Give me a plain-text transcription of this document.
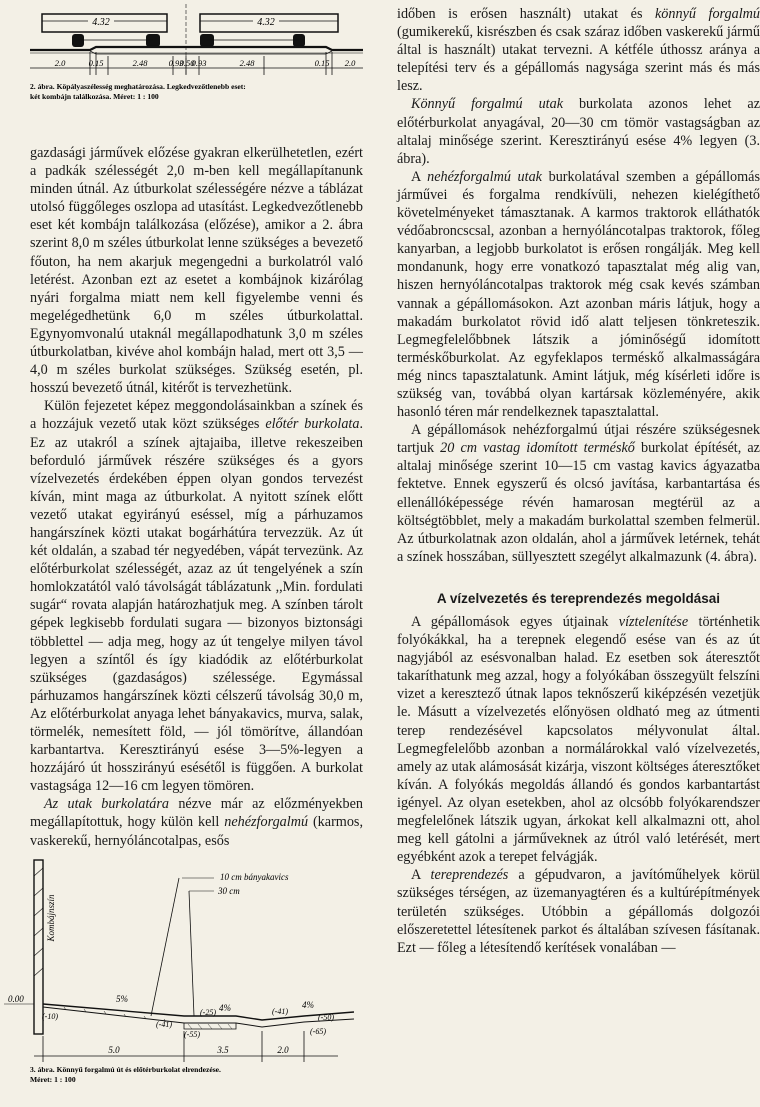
4.32	4.32
2.0	0.15	2.48 0.93
0.50
0.93	2.48	0.15 2.0
2. ábra. Köpályaszélesség meghatározása. Legkedvezőtlenebb eset:
két kombájn találkozása. Méret: 1 : 100

gazdasági járművek előzése gyakran elkerülhetetlen, ezért a padkák szélességét 2,0 m-ben kell megállapítanunk minden útnál. Az útburkolat szélességére nézve a táblázat utolsó függőleges oszlopa ad utasítást. Legkedvezőtlenebb eset két kombájn találkozása (előzése), amikor a 2. ábra szerint 8,0 m széles útburkolat lenne szükséges a bevezető főuton, ha nem akarjuk megengedni a burkolatról való letérést. Azonban ezt az esetet a kombájnok kizárólag nyári forgalma miatt nem kell figyelembe venni és megelégedhetünk 6,0 m széles útburkolattal. Egynyomvonalú utaknál megállapodhatunk 3,0 m széles útburkolatban, kivéve ahol kombájn halad, mert ott 3,5 — 4,0 m széles burkolat szükséges. Szükség esetén, pl. hosszú bevezető útnál, kitérőt is tervezhetünk.

Külön fejezetet képez meggondolásainkban a színek és a hozzájuk vezető utak közt szükséges előtér burkolata. Ez az utakról a színek ajtajaiba, illetve rekeszeiben beforduló járművek részére szükséges és a gyors vízelvezetés érdekében éppen olyan gondos tervezést kíván, mint maga az útburkolat. A nyitott színek előtt vezető utakat egyirányú eséssel, míg a párhuzamos hangárszínek közti utakat bogárhátúra tervezzük. Az út két oldalán, a szabad tér negyedében, vápát tervezünk. Az előtérburkolat szélességét, azaz az út tengelyének a szín homlokzatától való távolságát táblázatunk ,,Min. fordulati sugár“ rovata alapján határozhatjuk meg. A színben tárolt gépek legkisebb fordulati sugara — bizonyos biztonsági többlettel — adja meg, hogy az út tengelye milyen távol legyen a színtől és így kiadódik az előtérburkolat szükséges (gazdaságos) szélessége. Egymással párhuzamos hangárszínek közti célszerű távolság 30,0 m, Az előtérburkolat anyaga lehet bányakavics, murva, salak, törmelék, nemesített föld, — jól tömörítve, állandóan karbantartva. Keresztirányú esése 3—5%-legyen a hozzájáró út hosszirányú esésétől is függően. A burkolat vastagsága 12—16 cm legyen tömören.

Az utak burkolatára nézve már az előzményekben megállapítottuk, hogy külön kell nehézforgalmú (karmos, vaskerekű, hernyóláncotalpas, esős

Kombájnszín
10 cm bányakavics
30 cm
0.00	5%
4%	4%
(-10)
(-41)
(-25)
(-55)
(-41)
(-50)
(-65)
5.0	3.5	2.0
3. ábra. Könnyű forgalmú út és előtérburkolat elrendezése.
Méret: 1 : 100

időben is erősen használt) utakat és könnyű forgalmú (gumikerekű, kisrészben és csak száraz időben vaskerekű jármű által is használt) utakat tervezni. A kétféle úthossz aránya a telepítési terv és a gépállomás nagysága szerint más és más lesz.

Könnyű forgalmú utak burkolata azonos lehet az előtérburkolat anyagával, 20—30 cm tömör vastagságban az altalaj minősége szerint. Keresztirányú esése 4% legyen (3. ábra).

A nehézforgalmú utak burkolatával szemben a gépállomás járművei és forgalma rendkívüli, nehezen kielégíthető követelményeket támasztanak. A karmos traktorok elláthatók védőabroncscsal, azonban a hernyóláncotalpas traktorok, főleg kanyarban, a legjobb burkolatot is erősen rongálják. Meg kell mondanunk, hogy erre vonatkozó tapasztalat még alig van, hiszen hernyóláncotalpas traktorok még csak kevés számban vannak a gépállomásokon. Azt azonban máris látjuk, hogy a makadám burkolatot rövid idő alatt teljesen tönkreteszik. Legmegfelelőbbnek látszik a jóminőségű idomított terméskőburkolat. Az egyfeklapos terméskő alkalmasságára még nincs tapasztalatunk. Amint látjuk, még kísérleti időre is szükség van, továbbá olyan kartársak közleményére, akik hasonló téren már rendelkeznek tapasztalattal.

A gépállomások nehézforgalmú útjai részére szükségesnek tartjuk 20 cm vastag idomított terméskő burkolat építését, az altalaj minősége szerint 10—15 cm vastag kavics ágyazatba fektetve. Ennek egyszerű és olcsó javítása, karbantartása és ellenállóképessége révén hamarosan megtérül az a költségtöbblet, mely a makadám burkolattal szemben felmerül. Az útburkolatnak azon oldalán, ahol a járművek letérnek, tehát a színek hosszában, süllyesztett szegélyt alkalmazunk (4. ábra).

A vízelvezetés és tereprendezés megoldásai

A gépállomások egyes útjainak víztelenítése történhetik folyókákkal, ha a terepnek elegendő esése van és az út nagyjából az esésvonalban halad. Ez esetben sok áteresztőt takaríthatunk meg azzal, hogy a folyókában összegyült felszíni vizet a keresztező útnak lapos teknőszerű kiképzésén vezetjük le. Másutt a vízelvezetés előnyösen oldható meg az útmenti terep rendezésével kapcsolatos mélyvonulat által. Legmegfelelőbb azonban a normálárokkal való vízelvezetés, amely az utak alámosását kizárja, viszont költséges áteresztőket kíván. A folyókás megoldás állandó és gondos karbantartást igényel. Az olyan esetekben, ahol az olcsóbb folyókarendszer megfelelőnek látszik ugyan, árkokat kell alkalmazni ott, ahol meg kell gátolni a járműveknek az útról való letérését, mert egyébként azok a terepet felvágják.

A tereprendezés a gépudvaron, a javítóműhelyek körül szükséges térségen, az üzemanyagtéren és a kultúrépítmények területén szükséges. Utóbbin a gépállomás dolgozói előszeretettel létesítenek parkot és általában szívesen fásítanak. Ezt — főleg a létesítendő kerítések vonalában —
